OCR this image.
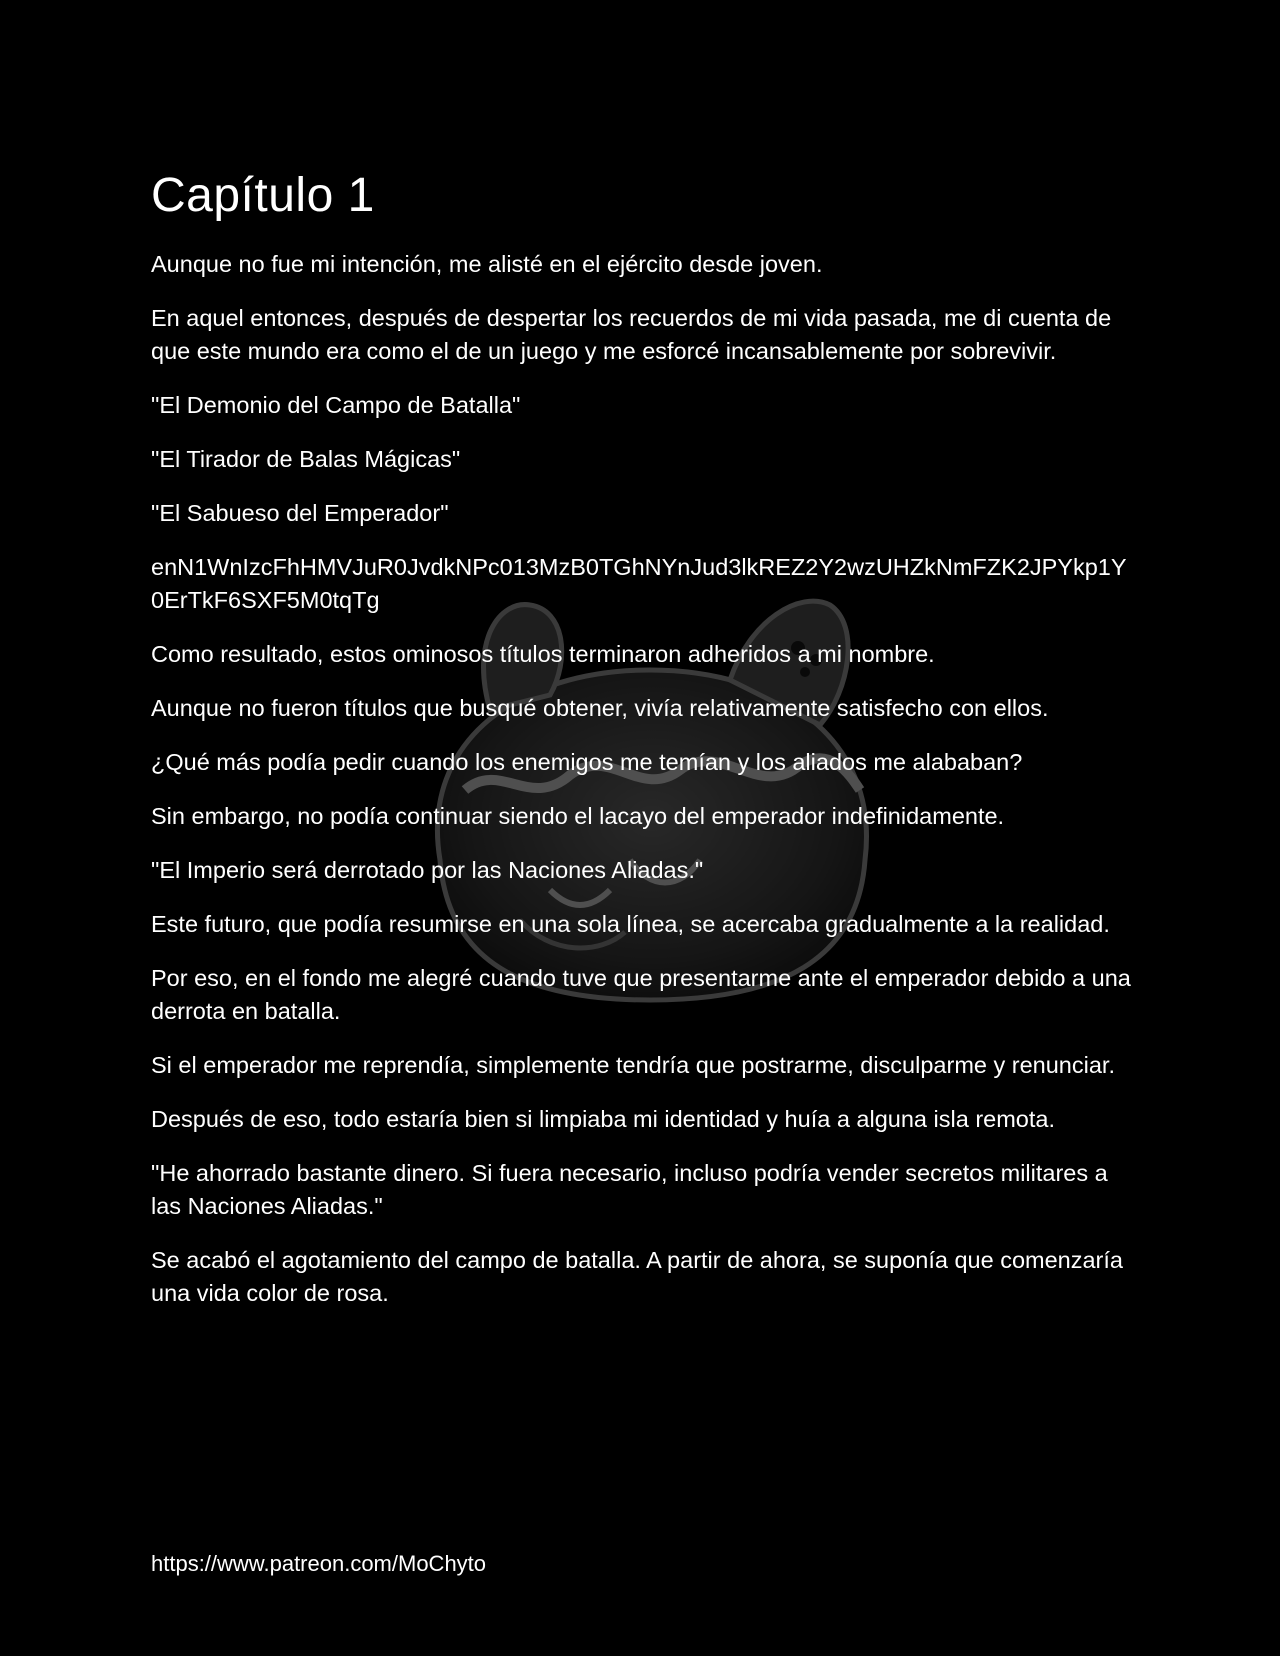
Capítulo 1

Aunque no fue mi intención, me alisté en el ejército desde joven.

En aquel entonces, después de despertar los recuerdos de mi vida pasada, me di cuenta de que este mundo era como el de un juego y me esforcé incansablemente por sobrevivir.

"El Demonio del Campo de Batalla"

"El Tirador de Balas Mágicas"

"El Sabueso del Emperador"

enN1WnIzcFhHMVJuR0JvdkNPc013MzB0TGhNYnJud3lkREZ2Y2wzUHZkNmFZK2JPYkp1Y0ErTkF6SXF5M0tqTg

Como resultado, estos ominosos títulos terminaron adheridos a mi nombre.

Aunque no fueron títulos que busqué obtener, vivía relativamente satisfecho con ellos.

¿Qué más podía pedir cuando los enemigos me temían y los aliados me alababan?

Sin embargo, no podía continuar siendo el lacayo del emperador indefinidamente.

"El Imperio será derrotado por las Naciones Aliadas."

Este futuro, que podía resumirse en una sola línea, se acercaba gradualmente a la realidad.

Por eso, en el fondo me alegré cuando tuve que presentarme ante el emperador debido a una derrota en batalla.

Si el emperador me reprendía, simplemente tendría que postrarme, disculparme y renunciar.

Después de eso, todo estaría bien si limpiaba mi identidad y huía a alguna isla remota.

"He ahorrado bastante dinero. Si fuera necesario, incluso podría vender secretos militares a las Naciones Aliadas."

Se acabó el agotamiento del campo de batalla. A partir de ahora, se suponía que comenzaría una vida color de rosa.

https://www.patreon.com/MoChyto
